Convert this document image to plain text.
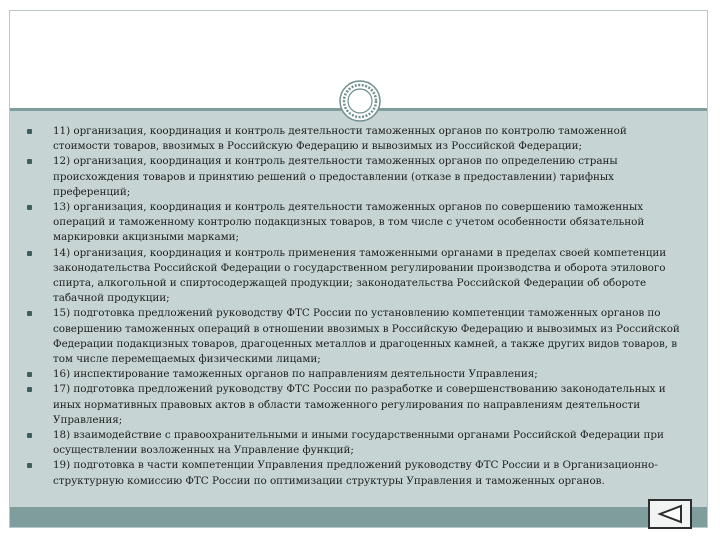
11) организация, координация и контроль деятельности таможенных органов по контролю таможенной стоимости товаров, ввозимых в Российскую Федерацию и вывозимых из Российской Федерации;
12) организация, координация и контроль деятельности таможенных органов по определению страны происхождения товаров и принятию решений о предоставлении (отказе в предоставлении) тарифных преференций;
13) организация, координация и контроль деятельности таможенных органов по совершению таможенных операций и таможенному контролю подакцизных товаров, в том числе с учетом особенности обязательной маркировки акцизными марками;
14) организация, координация и контроль применения таможенными органами в пределах своей компетенции законодательства Российской Федерации о государственном регулировании производства и оборота этилового спирта, алкогольной и спиртосодержащей продукции; законодательства Российской Федерации об обороте табачной продукции;
15) подготовка предложений руководству ФТС России по установлению компетенции таможенных органов по совершению таможенных операций в отношении ввозимых в Российскую Федерацию и вывозимых из Российской Федерации подакцизных товаров, драгоценных металлов и драгоценных камней, а также других видов товаров, в том числе перемещаемых физическими лицами;
16) инспектирование таможенных органов по направлениям деятельности Управления;
17) подготовка предложений руководству ФТС России по разработке и совершенствованию законодательных и иных нормативных правовых актов в области таможенного регулирования по направлениям деятельности Управления;
18) взаимодействие с правоохранительными и иными государственными органами Российской Федерации при осуществлении возложенных на Управление функций;
19) подготовка в части компетенции Управления предложений руководству ФТС России и в Организационно-структурную комиссию ФТС России по оптимизации структуры Управления и таможенных органов.
